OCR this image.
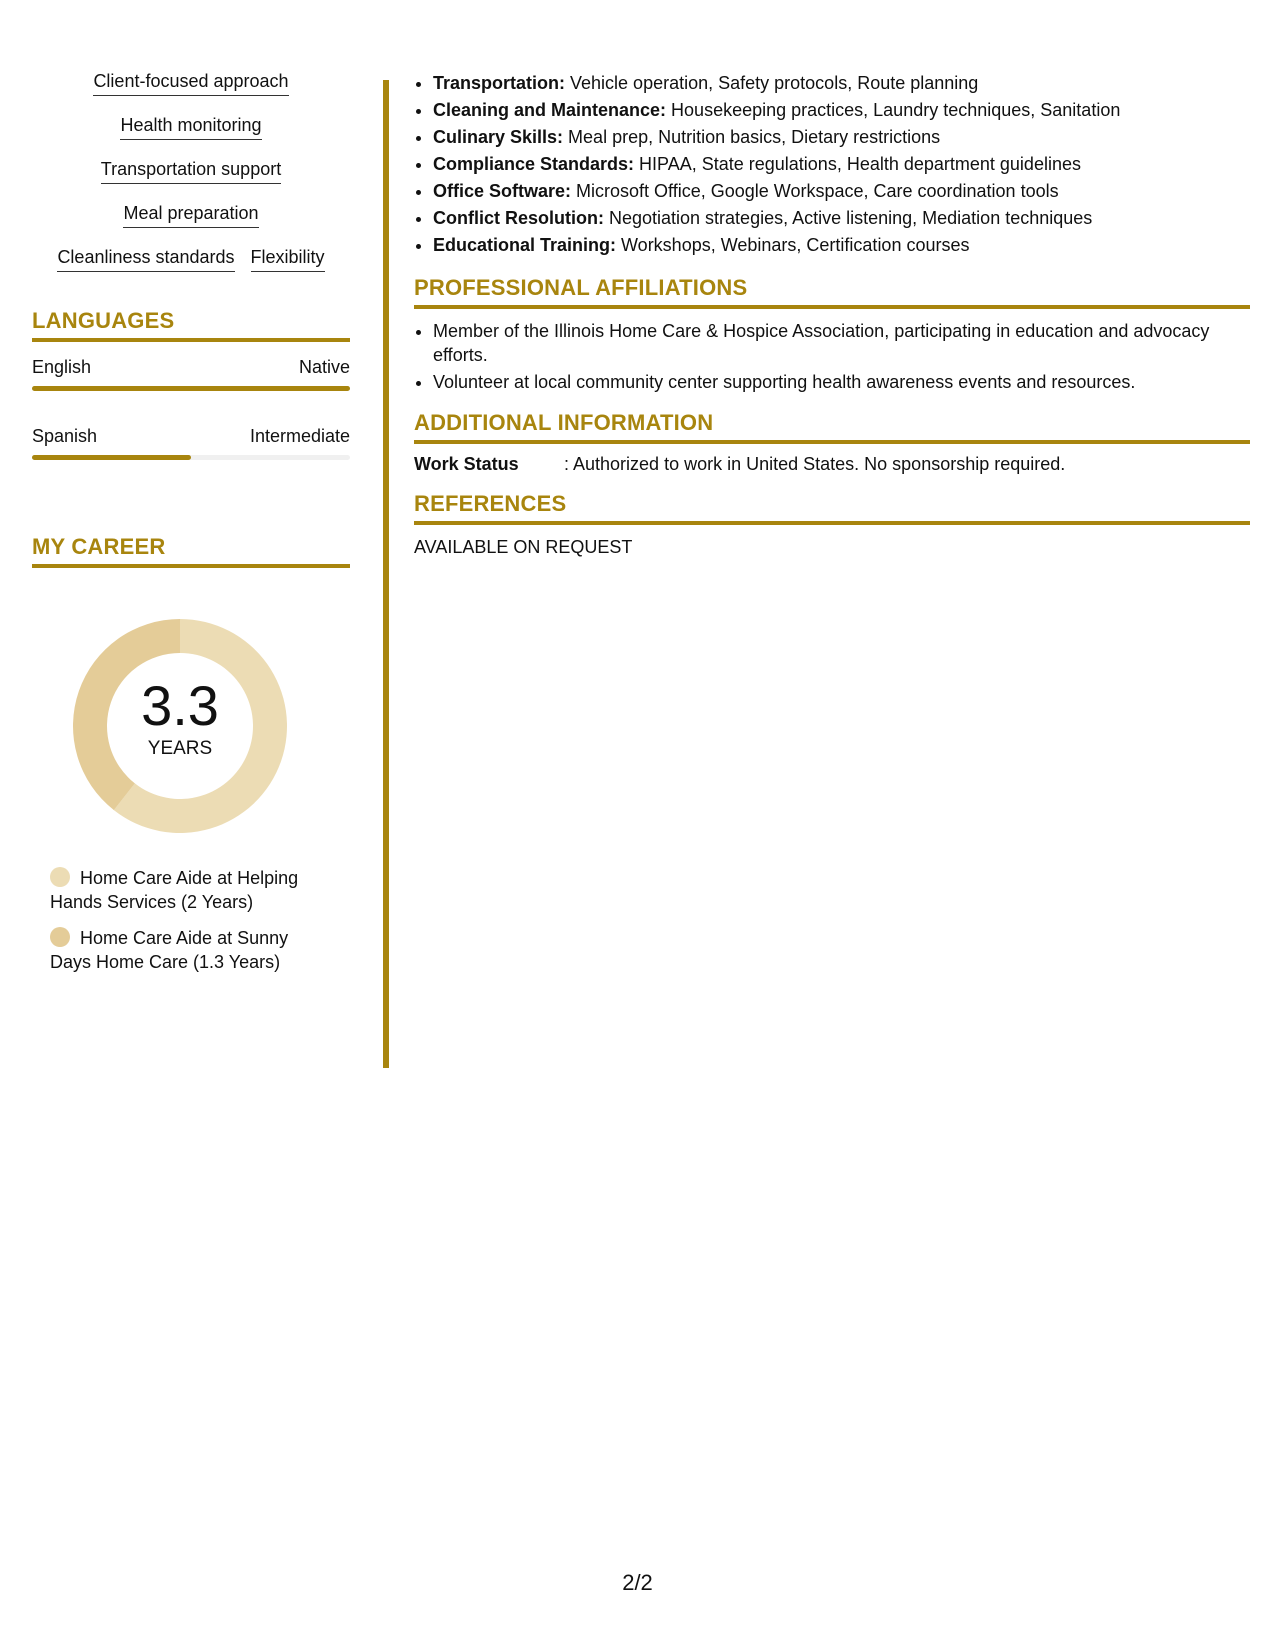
Client-focused approach
Health monitoring
Transportation support
Meal preparation
Cleanliness standards Flexibility
LANGUAGES
English	Native
Spanish	Intermediate
MY CAREER
3.3
YEARS
Home Care Aide at Helping Hands Services (2 Years)
Home Care Aide at Sunny Days Home Care (1.3 Years)
• Transportation: Vehicle operation, Safety protocols, Route planning
• Cleaning and Maintenance: Housekeeping practices, Laundry techniques, Sanitation
• Culinary Skills: Meal prep, Nutrition basics, Dietary restrictions
• Compliance Standards: HIPAA, State regulations, Health department guidelines
• Office Software: Microsoft Office, Google Workspace, Care coordination tools
• Conflict Resolution: Negotiation strategies, Active listening, Mediation techniques
• Educational Training: Workshops, Webinars, Certification courses
PROFESSIONAL AFFILIATIONS
• Member of the Illinois Home Care & Hospice Association, participating in education and advocacy efforts.
• Volunteer at local community center supporting health awareness events and resources.
ADDITIONAL INFORMATION
Work Status	: Authorized to work in United States. No sponsorship required.
REFERENCES
AVAILABLE ON REQUEST
2/2
